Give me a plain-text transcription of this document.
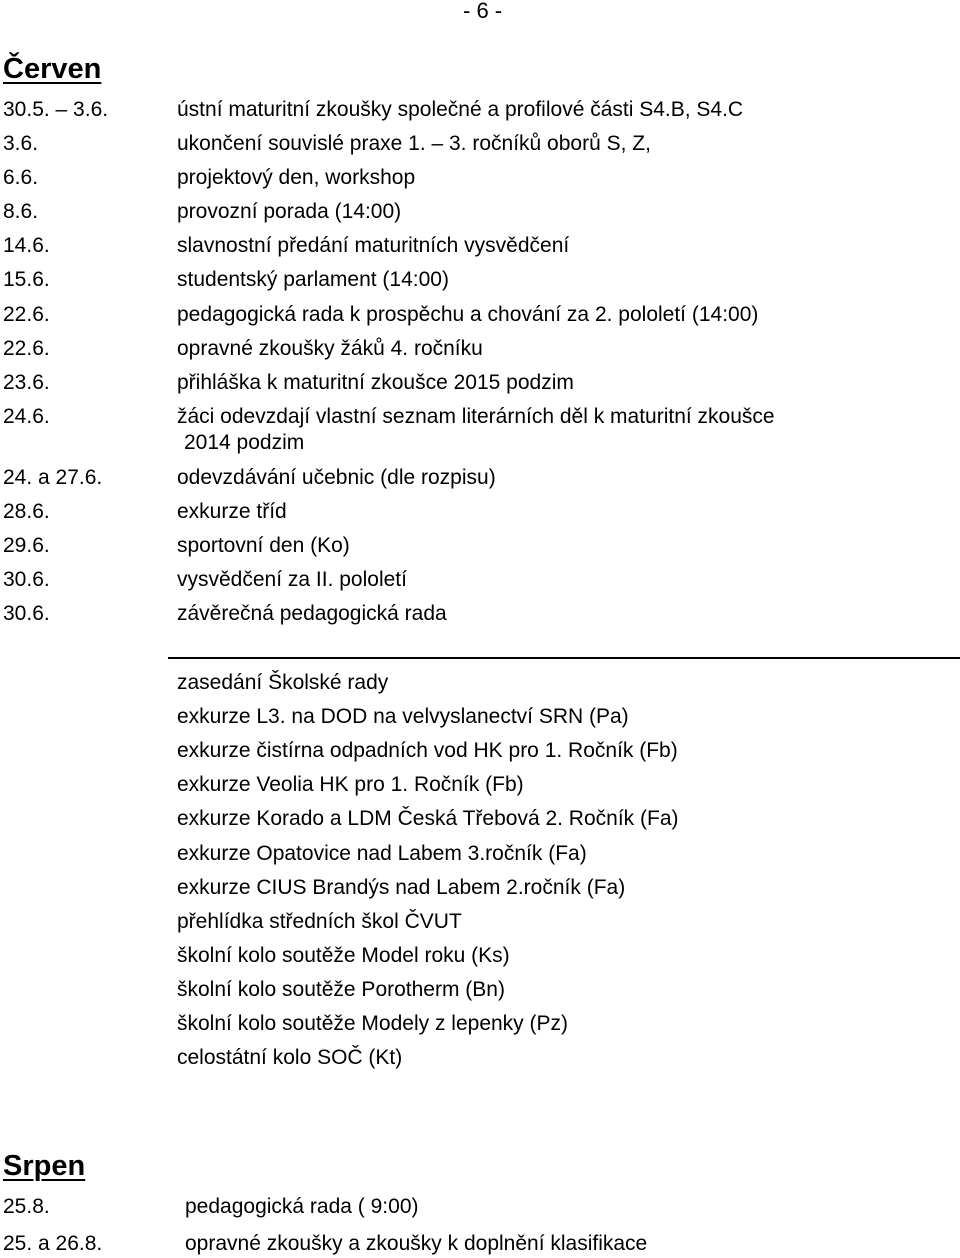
- 6 -
Červen
30.5. – 3.6.	ústní maturitní zkoušky společné a profilové části S4.B, S4.C
3.6.	ukončení souvislé praxe 1. – 3. ročníků oborů S, Z,
6.6.	projektový den, workshop
8.6.	provozní porada (14:00)
14.6.	slavnostní předání maturitních vysvědčení
15.6.	studentský parlament (14:00)
22.6.	pedagogická rada k prospěchu a chování za 2. pololetí (14:00)
22.6.	opravné zkoušky žáků 4. ročníku
23.6.	přihláška k maturitní zkoušce 2015 podzim
24.6.	žáci odevzdají vlastní seznam literárních děl k maturitní zkoušce
2014 podzim
24. a 27.6.	odevzdávání učebnic (dle rozpisu)
28.6.	exkurze tříd
29.6.	sportovní den (Ko)
30.6.	vysvědčení za II. pololetí
30.6.	závěrečná pedagogická rada
zasedání Školské rady
exkurze L3. na DOD na velvyslanectví SRN (Pa)
exkurze čistírna odpadních vod HK pro 1. Ročník (Fb)
exkurze Veolia HK pro 1. Ročník (Fb)
exkurze Korado a LDM Česká Třebová 2. Ročník (Fa)
exkurze Opatovice nad Labem 3.ročník (Fa)
exkurze CIUS Brandýs nad Labem 2.ročník (Fa)
přehlídka středních škol ČVUT
školní kolo soutěže Model roku (Ks)
školní kolo soutěže Porotherm (Bn)
školní kolo soutěže Modely z lepenky (Pz)
celostátní kolo SOČ (Kt)
Srpen
25.8.	pedagogická rada ( 9:00)
25. a 26.8.	opravné zkoušky a zkoušky k doplnění klasifikace
